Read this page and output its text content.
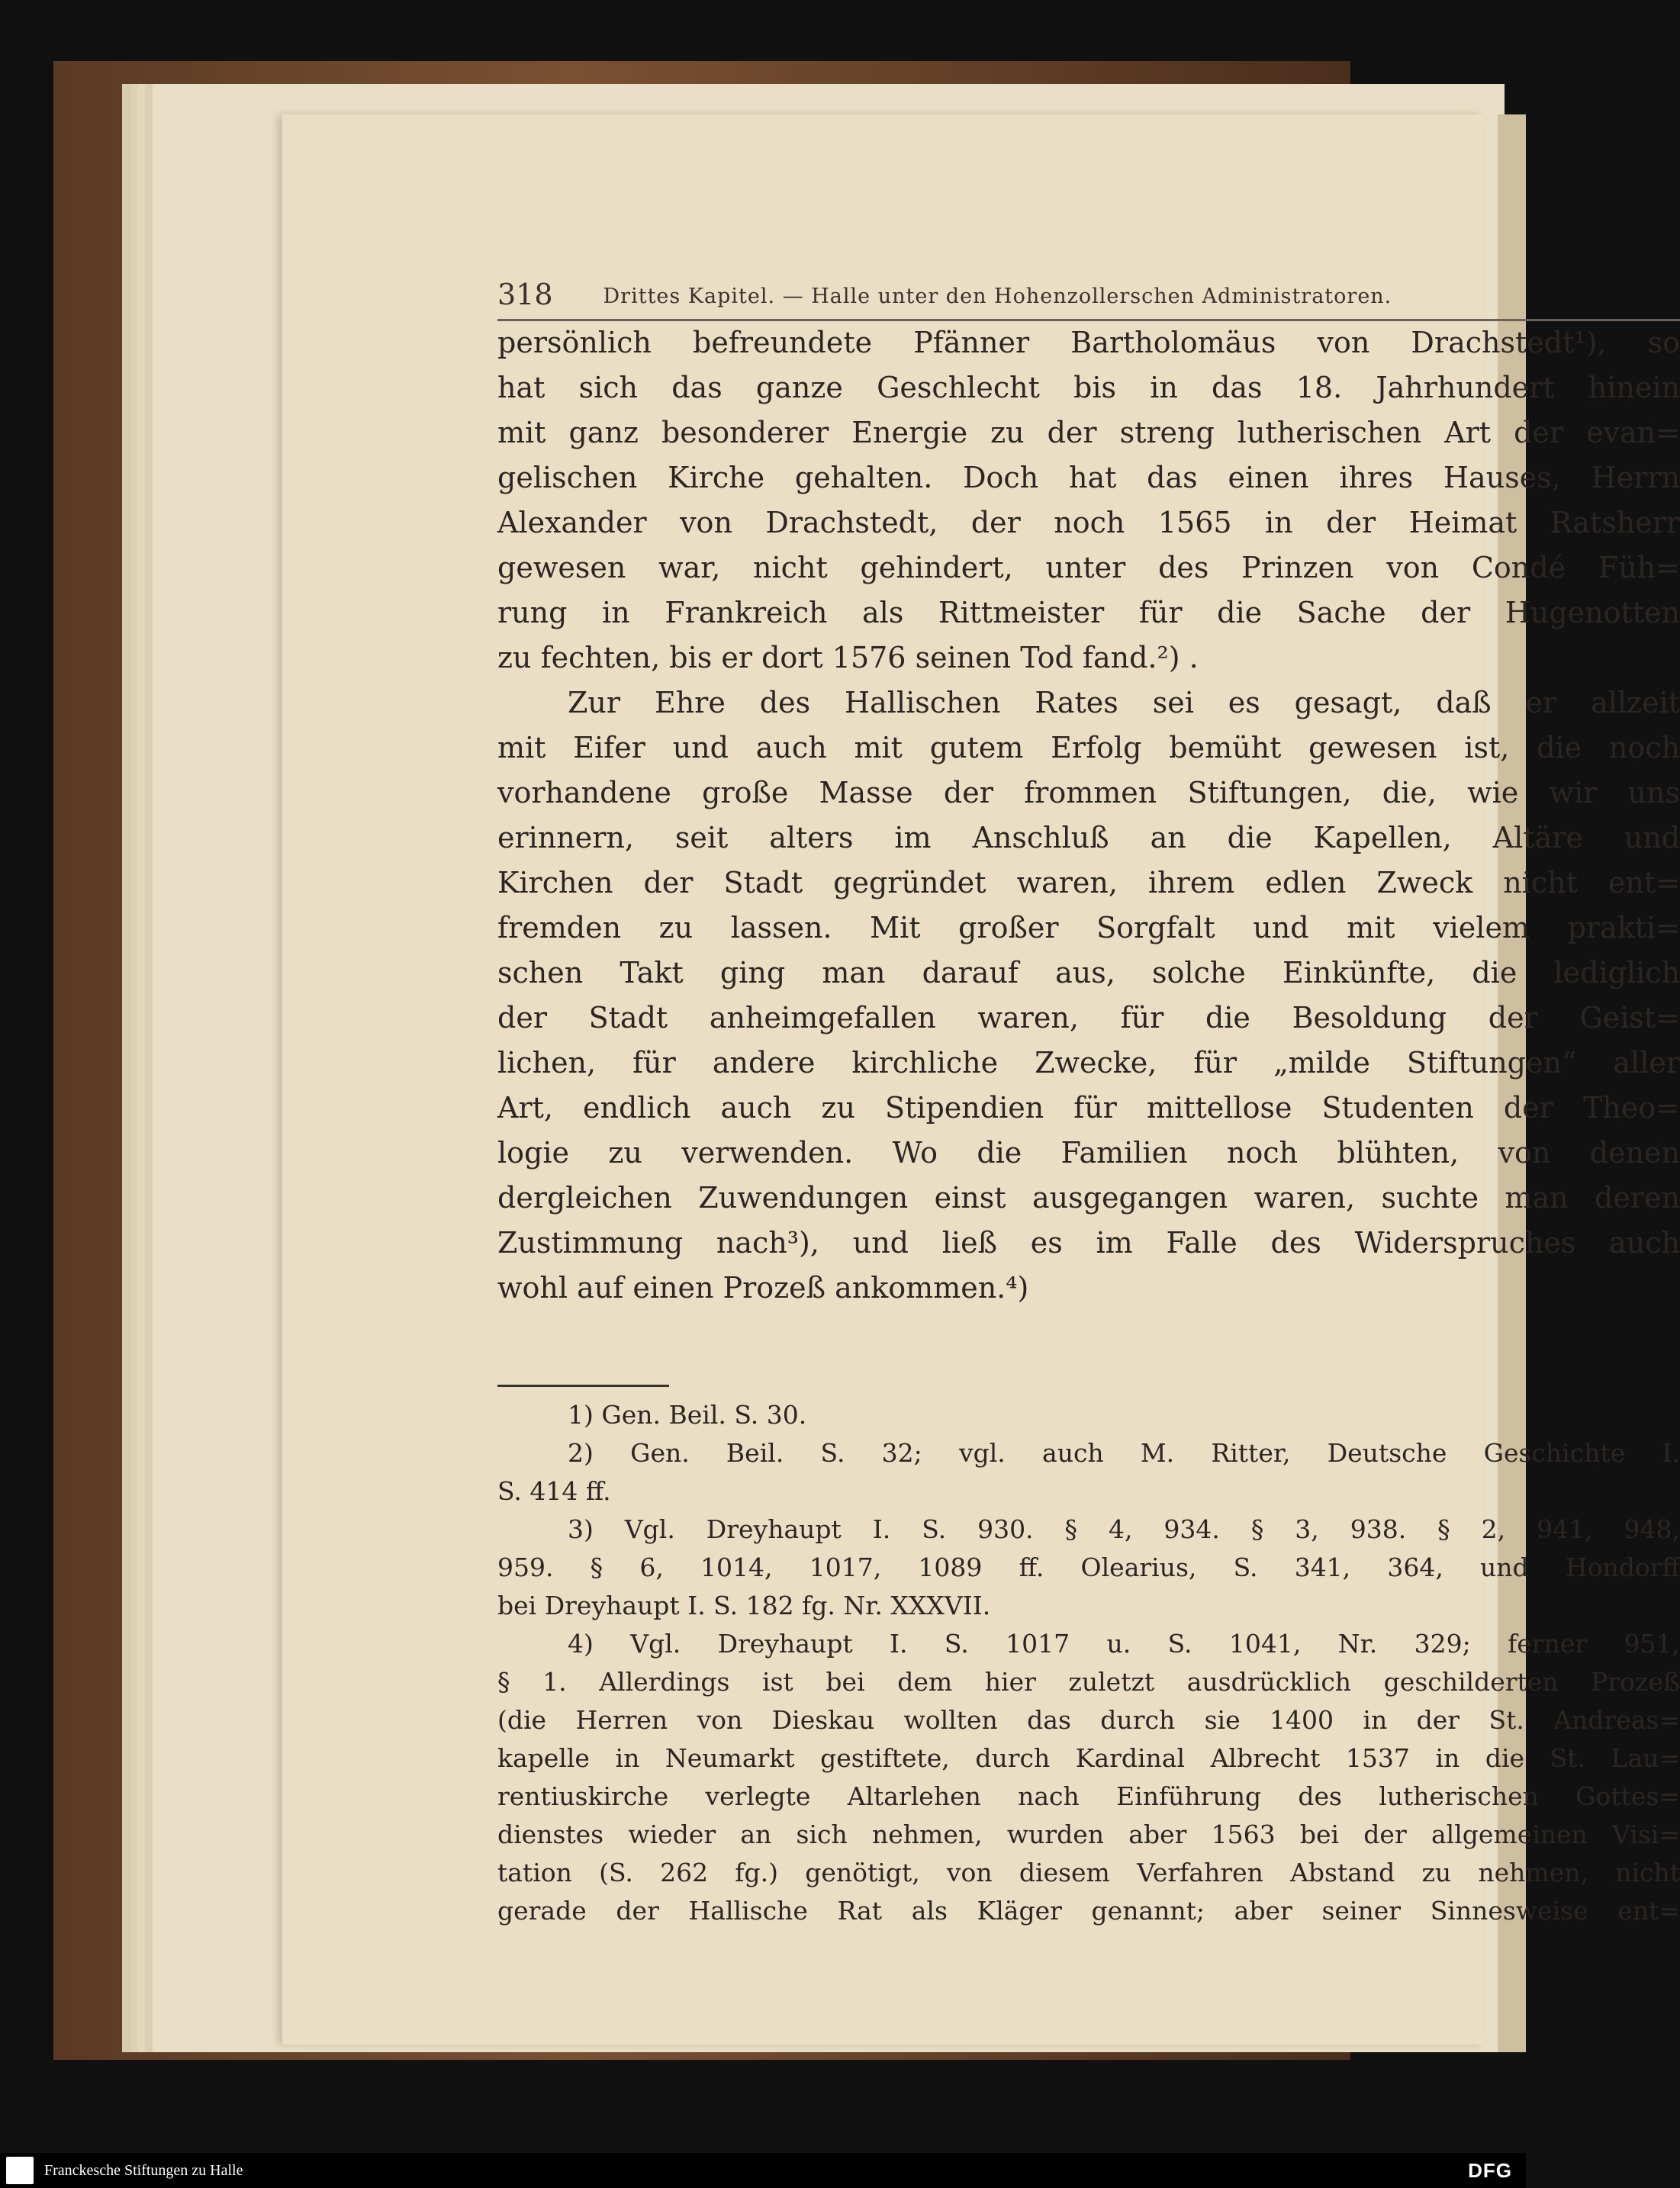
318 Drittes Kapitel. — Halle unter den Hohenzollerschen Administratoren.
persönlich befreundete Pfänner Bartholomäus von Drachstedt¹), so
hat sich das ganze Geschlecht bis in das 18. Jahrhundert hinein
mit ganz besonderer Energie zu der streng lutherischen Art der evan=
gelischen Kirche gehalten. Doch hat das einen ihres Hauses, Herrn
Alexander von Drachstedt, der noch 1565 in der Heimat Ratsherr
gewesen war, nicht gehindert, unter des Prinzen von Condé Füh=
rung in Frankreich als Rittmeister für die Sache der Hugenotten
zu fechten, bis er dort 1576 seinen Tod fand.²) .
Zur Ehre des Hallischen Rates sei es gesagt, daß er allzeit
mit Eifer und auch mit gutem Erfolg bemüht gewesen ist, die noch
vorhandene große Masse der frommen Stiftungen, die, wie wir uns
erinnern, seit alters im Anschluß an die Kapellen, Altäre und
Kirchen der Stadt gegründet waren, ihrem edlen Zweck nicht ent=
fremden zu lassen. Mit großer Sorgfalt und mit vielem prakti=
schen Takt ging man darauf aus, solche Einkünfte, die lediglich
der Stadt anheimgefallen waren, für die Besoldung der Geist=
lichen, für andere kirchliche Zwecke, für „milde Stiftungen“ aller
Art, endlich auch zu Stipendien für mittellose Studenten der Theo=
logie zu verwenden. Wo die Familien noch blühten, von denen
dergleichen Zuwendungen einst ausgegangen waren, suchte man deren
Zustimmung nach³), und ließ es im Falle des Widerspruches auch
wohl auf einen Prozeß ankommen.⁴)
1) Gen. Beil. S. 30.
2) Gen. Beil. S. 32; vgl. auch M. Ritter, Deutsche Geschichte I.
S. 414 ff.
3) Vgl. Dreyhaupt I. S. 930. § 4, 934. § 3, 938. § 2, 941, 948,
959. § 6, 1014, 1017, 1089 ff. Olearius, S. 341, 364, und Hondorff
bei Dreyhaupt I. S. 182 fg. Nr. XXXVII.
4) Vgl. Dreyhaupt I. S. 1017 u. S. 1041, Nr. 329; ferner 951,
§ 1. Allerdings ist bei dem hier zuletzt ausdrücklich geschilderten Prozeß
(die Herren von Dieskau wollten das durch sie 1400 in der St. Andreas=
kapelle in Neumarkt gestiftete, durch Kardinal Albrecht 1537 in die St. Lau=
rentiuskirche verlegte Altarlehen nach Einführung des lutherischen Gottes=
dienstes wieder an sich nehmen, wurden aber 1563 bei der allgemeinen Visi=
tation (S. 262 fg.) genötigt, von diesem Verfahren Abstand zu nehmen, nicht
gerade der Hallische Rat als Kläger genannt; aber seiner Sinnesweise ent=
Franckesche Stiftungen zu Halle	DFG
